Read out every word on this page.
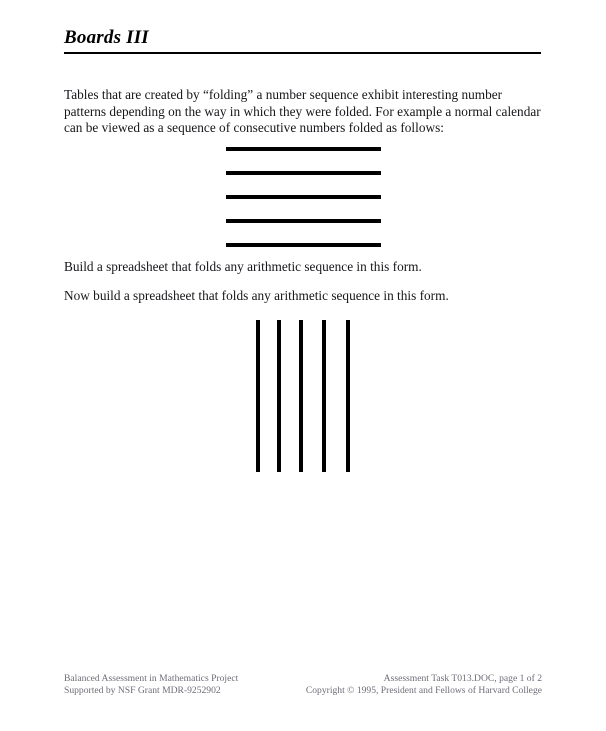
Boards III

Tables that are created by “folding” a number sequence exhibit interesting number patterns depending on the way in which they were folded. For example a normal calendar can be viewed as a sequence of consecutive numbers folded as follows:

Build a spreadsheet that folds any arithmetic sequence in this form.

Now build a spreadsheet that folds any arithmetic sequence in this form.

Balanced Assessment in Mathematics Project
Supported by NSF Grant MDR-9252902
Assessment Task T013.DOC, page 1 of 2
Copyright © 1995, President and Fellows of Harvard College
